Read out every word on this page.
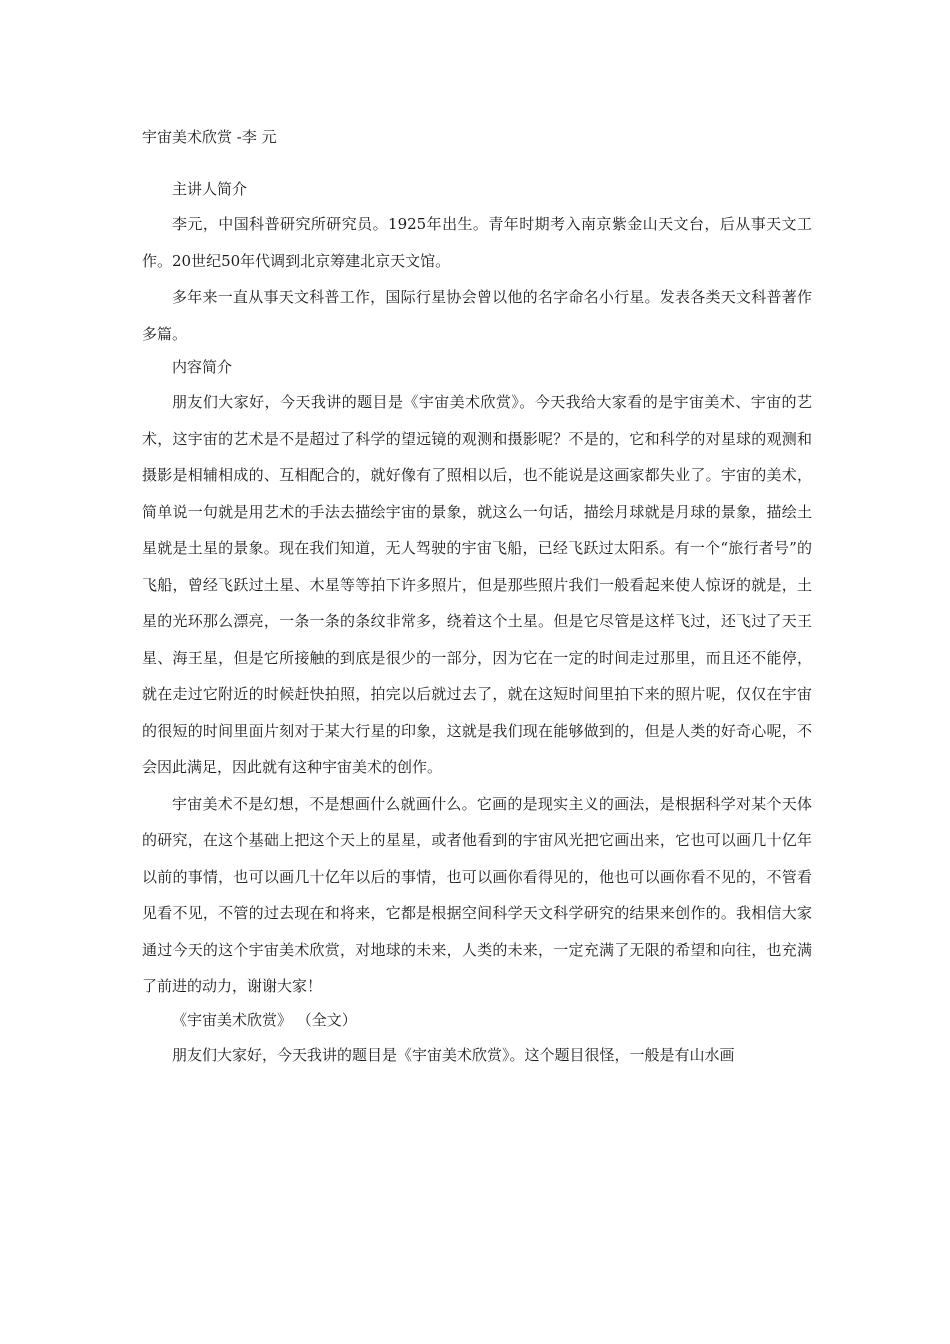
宇宙美术欣赏 -李 元
主讲人简介

李元，中国科普研究所研究员。1925年出生。青年时期考入南京紫金山天文台，后从事天文工作。20世纪50年代调到北京筹建北京天文馆。

多年来一直从事天文科普工作，国际行星协会曾以他的名字命名小行星。发表各类天文科普著作多篇。

内容简介

朋友们大家好，今天我讲的题目是《宇宙美术欣赏》。今天我给大家看的是宇宙美术、宇宙的艺术，这宇宙的艺术是不是超过了科学的望远镜的观测和摄影呢？不是的，它和科学的对星球的观测和摄影是相辅相成的、互相配合的，就好像有了照相以后，也不能说是这画家都失业了。宇宙的美术，简单说一句就是用艺术的手法去描绘宇宙的景象，就这么一句话，描绘月球就是月球的景象，描绘土星就是土星的景象。现在我们知道，无人驾驶的宇宙飞船，已经飞跃过太阳系。有一个“旅行者号”的飞船，曾经飞跃过土星、木星等等拍下许多照片，但是那些照片我们一般看起来使人惊讶的就是，土星的光环那么漂亮，一条一条的条纹非常多，绕着这个土星。但是它尽管是这样飞过，还飞过了天王星、海王星，但是它所接触的到底是很少的一部分，因为它在一定的时间走过那里，而且还不能停，就在走过它附近的时候赶快拍照，拍完以后就过去了，就在这短时间里拍下来的照片呢，仅仅在宇宙的很短的时间里面片刻对于某大行星的印象，这就是我们现在能够做到的，但是人类的好奇心呢，不会因此满足，因此就有这种宇宙美术的创作。

宇宙美术不是幻想，不是想画什么就画什么。它画的是现实主义的画法，是根据科学对某个天体的研究，在这个基础上把这个天上的星星，或者他看到的宇宙风光把它画出来，它也可以画几十亿年以前的事情，也可以画几十亿年以后的事情，也可以画你看得见的，他也可以画你看不见的，不管看见看不见，不管的过去现在和将来，它都是根据空间科学天文科学研究的结果来创作的。我相信大家通过今天的这个宇宙美术欣赏，对地球的未来，人类的未来，一定充满了无限的希望和向往，也充满了前进的动力，谢谢大家！

《宇宙美术欣赏》 （全文）

朋友们大家好，今天我讲的题目是《宇宙美术欣赏》。这个题目很怪，一般是有山水画
